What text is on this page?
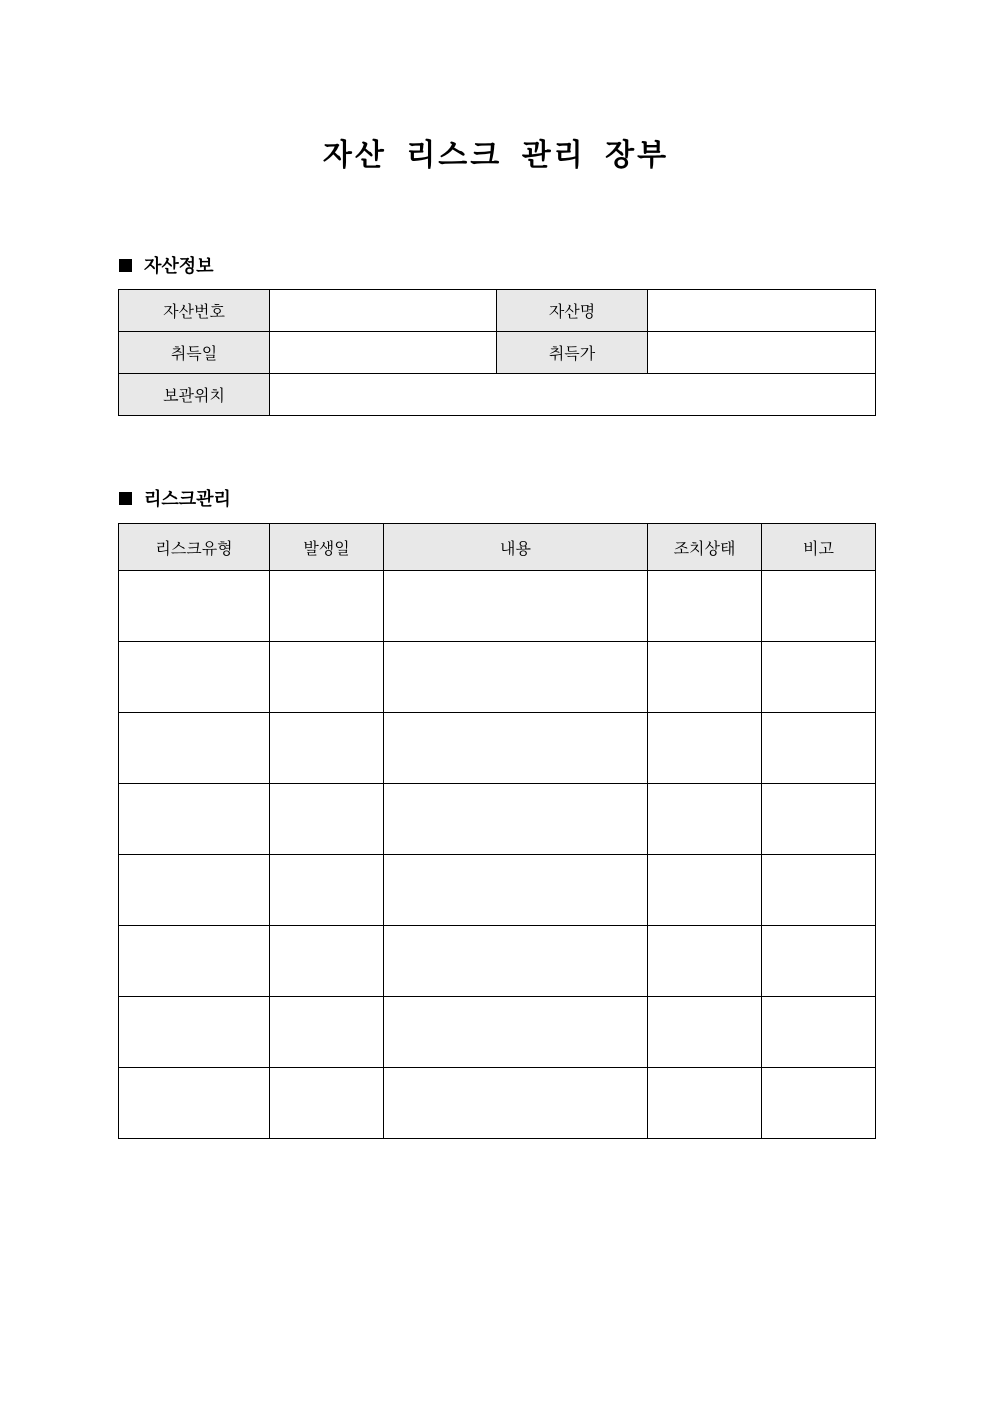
자산 리스크 관리 장부
자산정보
자산번호		자산명	
취득일		취득가	
보관위치			
리스크관리
리스크유형	발생일	내용	조치상태	비고
